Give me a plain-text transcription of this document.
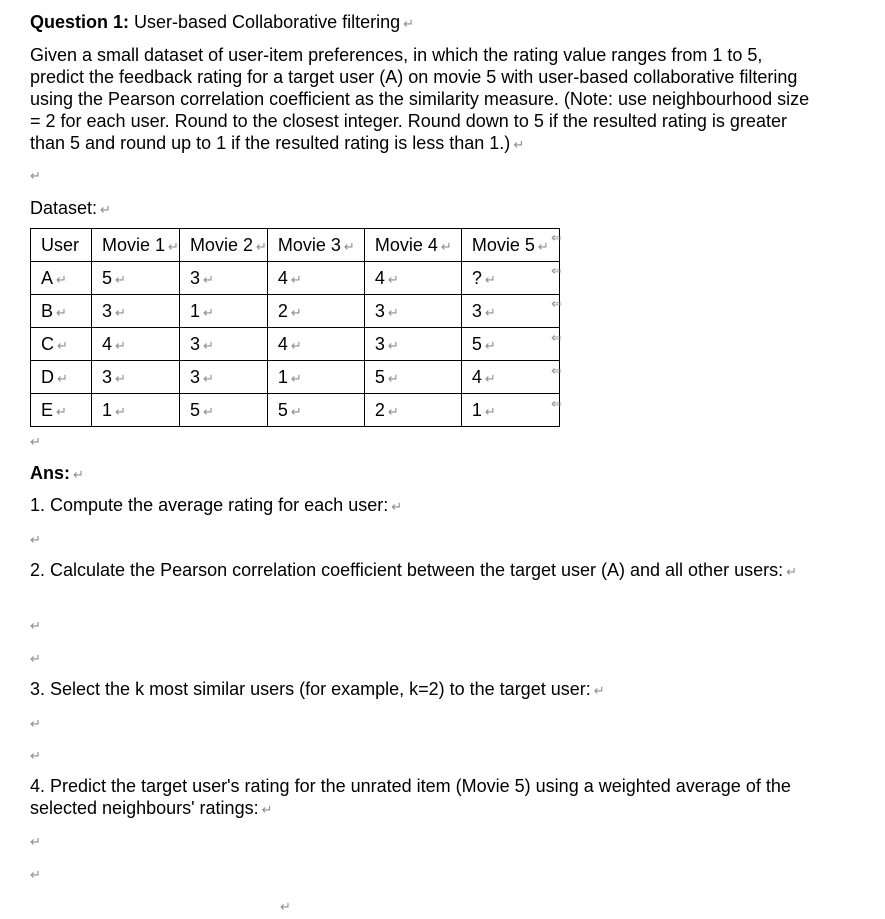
Question 1: User-based Collaborative filtering ↵
Given a small dataset of user-item preferences, in which the rating value ranges from 1 to 5, predict the feedback rating for a target user (A) on movie 5 with user-based collaborative filtering using the Pearson correlation coefficient as the similarity measure. (Note: use neighbourhood size = 2 for each user. Round to the closest integer. Round down to 5 if the resulted rating is greater than 5 and round up to 1 if the resulted rating is less than 1.) ↵
↵
Dataset: ↵
User	Movie 1 ↵	Movie 2 ↵	Movie 3 ↵	Movie 4 ↵	Movie 5 ↵
A ↵	5 ↵	3 ↵	4 ↵	4 ↵	? ↵
B ↵	3 ↵	1 ↵	2 ↵	3 ↵	3 ↵
C ↵	4 ↵	3 ↵	4 ↵	3 ↵	5 ↵
D ↵	3 ↵	3 ↵	1 ↵	5 ↵	4 ↵
E ↵	1 ↵	5 ↵	5 ↵	2 ↵	1 ↵
⇐
⇐
⇐
⇐
⇐
⇐
↵
Ans: ↵
1. Compute the average rating for each user: ↵
↵
2. Calculate the Pearson correlation coefficient between the target user (A) and all other users: ↵
↵
↵
3. Select the k most similar users (for example, k=2) to the target user: ↵
↵
↵
4. Predict the target user's rating for the unrated item (Movie 5) using a weighted average of the selected neighbours' ratings: ↵
↵
↵
↵
